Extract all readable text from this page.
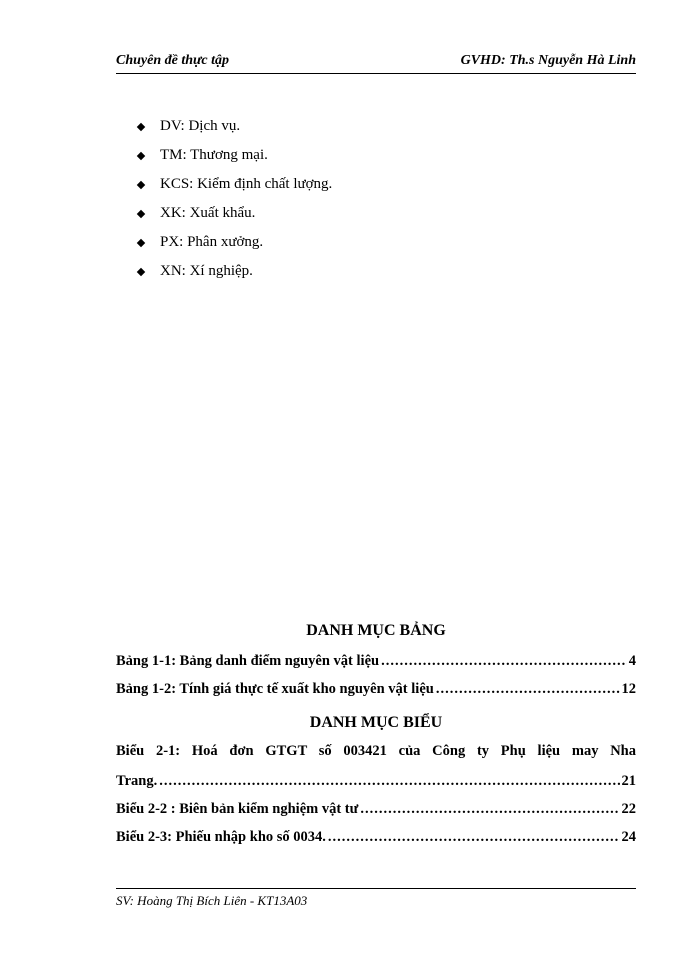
Chuyên đề thực tập	GVHD: Th.s Nguyễn Hà Linh
DV: Dịch vụ.
TM: Thương mại.
KCS: Kiểm định chất lượng.
XK: Xuất khẩu.
PX: Phân xưởng.
XN: Xí nghiệp.
DANH MỤC BẢNG
Bảng 1-1: Bảng danh điểm nguyên vật liệu .....	4
Bảng 1-2: Tính giá thực tế xuất kho nguyên vật liệu .....	12
DANH MỤC BIỂU
Biểu 2-1: Hoá đơn GTGT số 003421 của Công ty Phụ liệu may Nha
Trang. .....	21
Biểu 2-2 : Biên bản kiểm nghiệm vật tư .....	22
Biểu 2-3: Phiếu nhập kho số 0034. .....	24
SV: Hoàng Thị Bích Liên - KT13A03
